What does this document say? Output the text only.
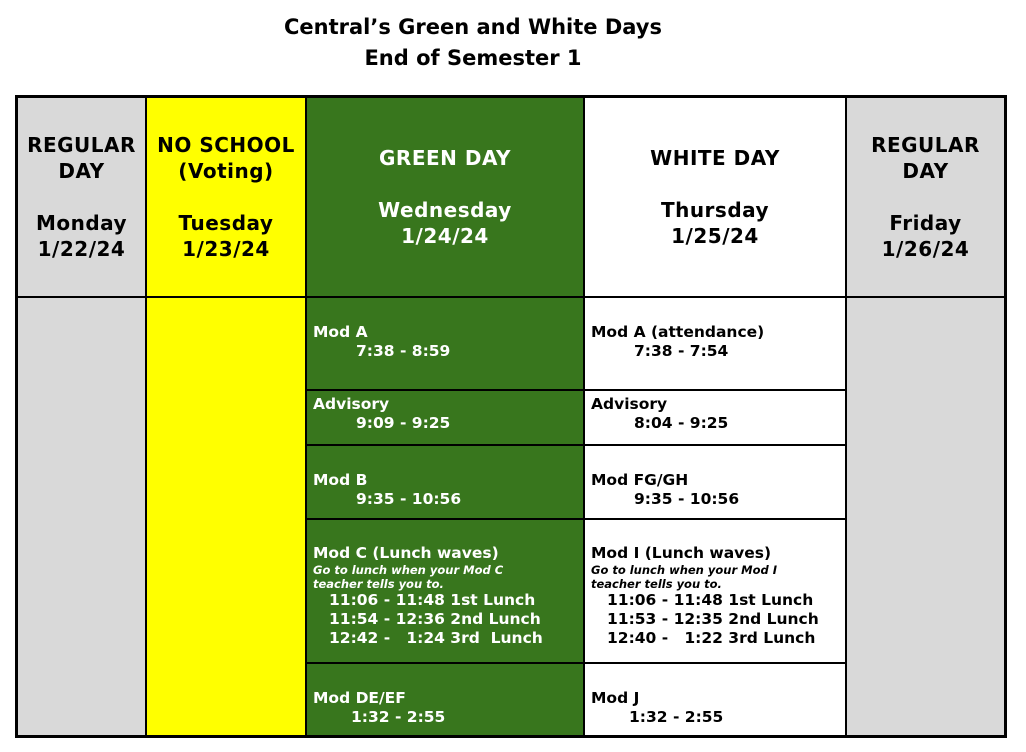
Central’s Green and White Days
End of Semester 1
REGULAR
DAY
Monday
1/22/24
NO SCHOOL
(Voting)
Tuesday
1/23/24
GREEN DAY
Wednesday
1/24/24
Mod A
7:38 - 8:59
Advisory
9:09 - 9:25
Mod B
9:35 - 10:56
Mod C (Lunch waves)
Go to lunch when your Mod C
teacher tells you to.
11:06 - 11:48 1st Lunch
11:54 - 12:36 2nd Lunch
12:42 -   1:24 3rd  Lunch
Mod DE/EF
1:32 - 2:55
WHITE DAY
Thursday
1/25/24
Mod A (attendance)
7:38 - 7:54
Advisory
8:04 - 9:25
Mod FG/GH
9:35 - 10:56
Mod I (Lunch waves)
Go to lunch when your Mod I
teacher tells you to.
11:06 - 11:48 1st Lunch
11:53 - 12:35 2nd Lunch
12:40 -   1:22 3rd Lunch
Mod J
1:32 - 2:55
REGULAR
DAY
Friday
1/26/24
